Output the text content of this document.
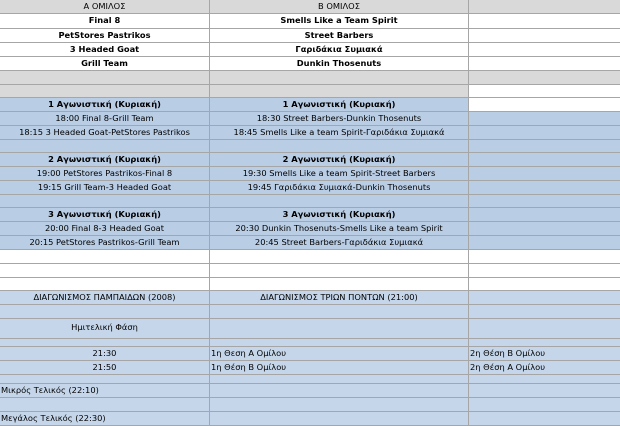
Α ΟΜΙΛΟΣ	Β ΟΜΙΛΟΣ
Final 8	Smells Like a Team Spirit
PetStores Pastrikos	Street Barbers
3 Headed Goat	Γαριδάκια Συμιακά
Grill Team	Dunkin Thosenuts
1 Αγωνιστική (Κυριακή)	1 Αγωνιστική (Κυριακή)
18:00 Final 8-Grill Team	18:30 Street Barbers-Dunkin Thosenuts
18:15 3 Headed Goat-PetStores Pastrikos	18:45 Smells Like a team Spirit-Γαριδάκια Συμιακά
2 Αγωνιστική (Κυριακή)	2 Αγωνιστική (Κυριακή)
19:00 PetStores Pastrikos-Final 8	19:30 Smells Like a team Spirit-Street Barbers
19:15 Grill Team-3 Headed Goat	19:45 Γαριδάκια Συμιακά-Dunkin Thosenuts
3 Αγωνιστική (Κυριακή)	3 Αγωνιστική (Κυριακή)
20:00 Final 8-3 Headed Goat	20:30 Dunkin Thosenuts-Smells Like a team Spirit
20:15 PetStores Pastrikos-Grill Team	20:45 Street Barbers-Γαριδάκια Συμιακά
ΔΙΑΓΩΝΙΣΜΟΣ ΠΑΜΠΑΙΔΩΝ (2008)	ΔΙΑΓΩΝΙΣΜΟΣ ΤΡΙΩΝ ΠΟΝΤΩΝ (21:00)
Ημιτελική Φάση
21:30	1η Θεση Α Ομίλου	2η Θέση Β Ομίλου
21:50	1η Θέση Β Ομίλου	2η Θέση Α Ομίλου
Μικρός Τελικός (22:10)
Μεγάλος Τελικός (22:30)
